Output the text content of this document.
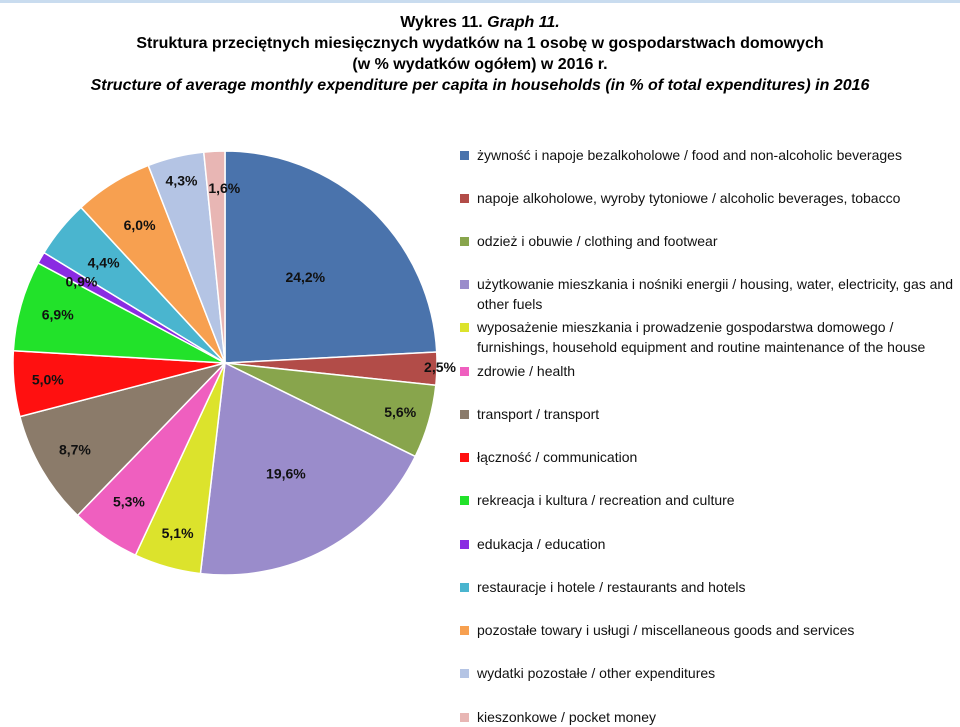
Wykres 11. Graph 11.
Struktura przeciętnych miesięcznych wydatków na 1 osobę w gospodarstwach domowych
(w % wydatków ogółem) w 2016 r.
Structure of average monthly expenditure per capita in households (in % of total expenditures) in 2016
24,2%
2,5%
5,6%
19,6%
5,1%
5,3%
8,7%
5,0%
6,9%
0,9%
4,4%
6,0%
4,3% 1,6%
żywność i napoje bezalkoholowe / food and non-alcoholic beverages
napoje alkoholowe, wyroby tytoniowe / alcoholic beverages, tobacco
odzież i obuwie / clothing and footwear
użytkowanie mieszkania i nośniki energii / housing, water, electricity, gas and other fuels
wyposażenie mieszkania i prowadzenie gospodarstwa domowego / furnishings, household equipment and routine maintenance of the house
zdrowie / health
transport / transport
łączność / communication
rekreacja i kultura / recreation and culture
edukacja / education
restauracje i hotele / restaurants and hotels
pozostałe towary i usługi / miscellaneous goods and services
wydatki pozostałe / other expenditures
kieszonkowe / pocket money
